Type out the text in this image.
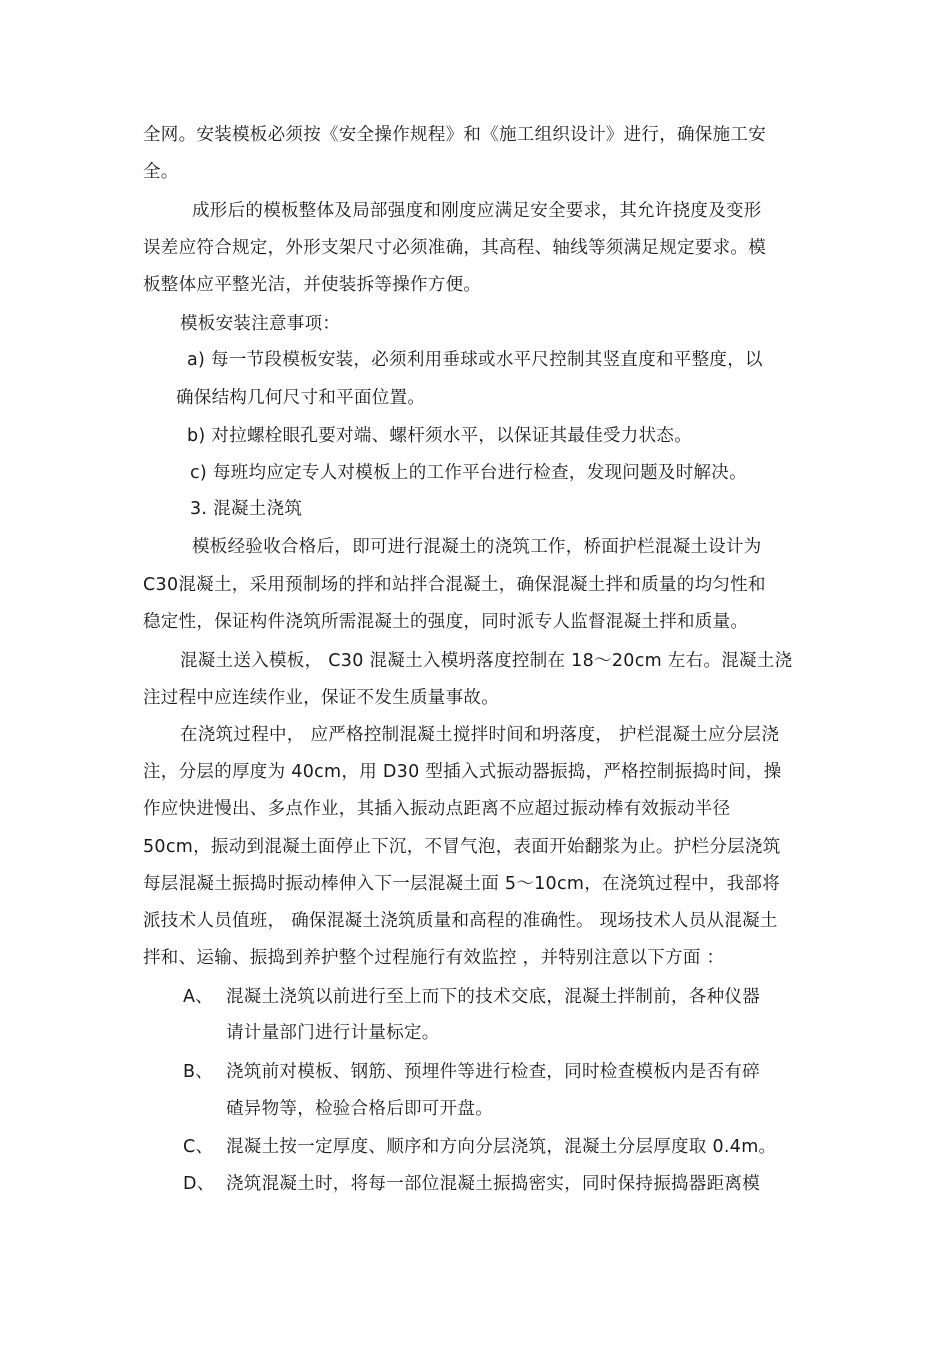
全网。安装模板必须按《安全操作规程》和《施工组织设计》进行，确保施工安
全。
成形后的模板整体及局部强度和刚度应满足安全要求，其允许挠度及变形
误差应符合规定，外形支架尺寸必须准确，其高程、轴线等须满足规定要求。模
板整体应平整光洁，并使装拆等操作方便。
模板安装注意事项：
a) 每一节段模板安装，必须利用垂球或水平尺控制其竖直度和平整度，以
确保结构几何尺寸和平面位置。
b) 对拉螺栓眼孔要对端、螺杆须水平，以保证其最佳受力状态。
c) 每班均应定专人对模板上的工作平台进行检查，发现问题及时解决。
3. 混凝土浇筑
模板经验收合格后，即可进行混凝土的浇筑工作，桥面护栏混凝土设计为
C30混凝土，采用预制场的拌和站拌合混凝土，确保混凝土拌和质量的均匀性和
稳定性，保证构件浇筑所需混凝土的强度，同时派专人监督混凝土拌和质量。
混凝土送入模板， C30 混凝土入模坍落度控制在 18～20cm 左右。混凝土浇
注过程中应连续作业，保证不发生质量事故。
在浇筑过程中， 应严格控制混凝土搅拌时间和坍落度， 护栏混凝土应分层浇
注，分层的厚度为 40cm，用 D30 型插入式振动器振捣，严格控制振捣时间，操
作应快进慢出、多点作业，其插入振动点距离不应超过振动棒有效振动半径
50cm，振动到混凝土面停止下沉，不冒气泡，表面开始翻浆为止。护栏分层浇筑
每层混凝土振捣时振动棒伸入下一层混凝土面 5～10cm，在浇筑过程中，我部将
派技术人员值班， 确保混凝土浇筑质量和高程的准确性。 现场技术人员从混凝土
拌和、运输、振捣到养护整个过程施行有效监控 ，并特别注意以下方面 ：
A、 混凝土浇筑以前进行至上而下的技术交底，混凝土拌制前，各种仪器
请计量部门进行计量标定。
B、 浇筑前对模板、钢筋、预埋件等进行检查，同时检查模板内是否有碎
碴异物等，检验合格后即可开盘。
C、 混凝土按一定厚度、顺序和方向分层浇筑，混凝土分层厚度取 0.4m。
D、 浇筑混凝土时，将每一部位混凝土振捣密实，同时保持振捣器距离模
